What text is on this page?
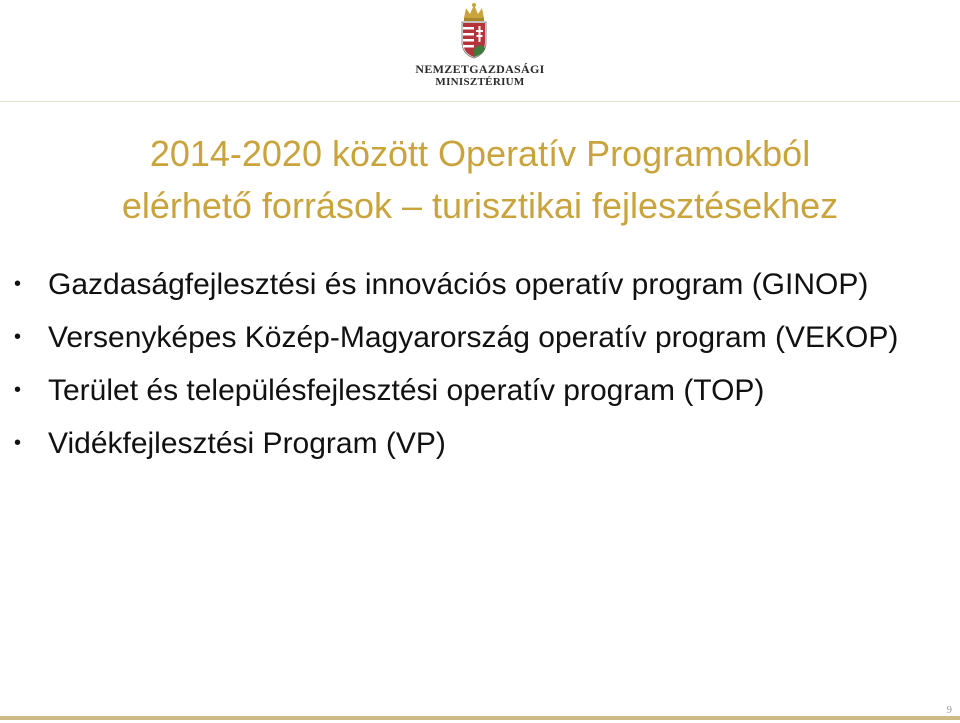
NEMZETGAZDASÁGI
MINISZTÉRIUM
2014-2020 között Operatív Programokból
elérhető források – turisztikai fejlesztésekhez
• Gazdaságfejlesztési és innovációs operatív program (GINOP)
• Versenyképes Közép-Magyarország operatív program (VEKOP)
• Terület és településfejlesztési operatív program (TOP)
• Vidékfejlesztési Program (VP)
9
